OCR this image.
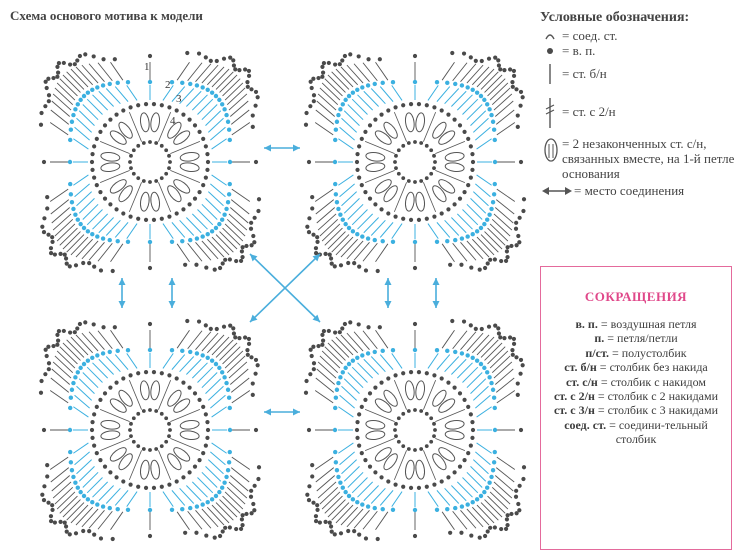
Схема основого мотива к модели
1
2
3
4
Условные обозначения:
= соед. ст.
= в. п.
= ст. б/н
= ст. с 2/н
= 2 незаконченных ст. с/н, связанных вместе, на 1-й петле основания
= место соединения
СОКРАЩЕНИЯ
в. п. = воздушная петля
п. = петля/петли
п/ст. = полустолбик
ст. б/н = столбик без накида
ст. с/н = столбик с накидом
ст. с 2/н = столбик с 2 накидами
ст. с 3/н = столбик с 3 накидами
соед. ст. = соедини-тельный столбик
